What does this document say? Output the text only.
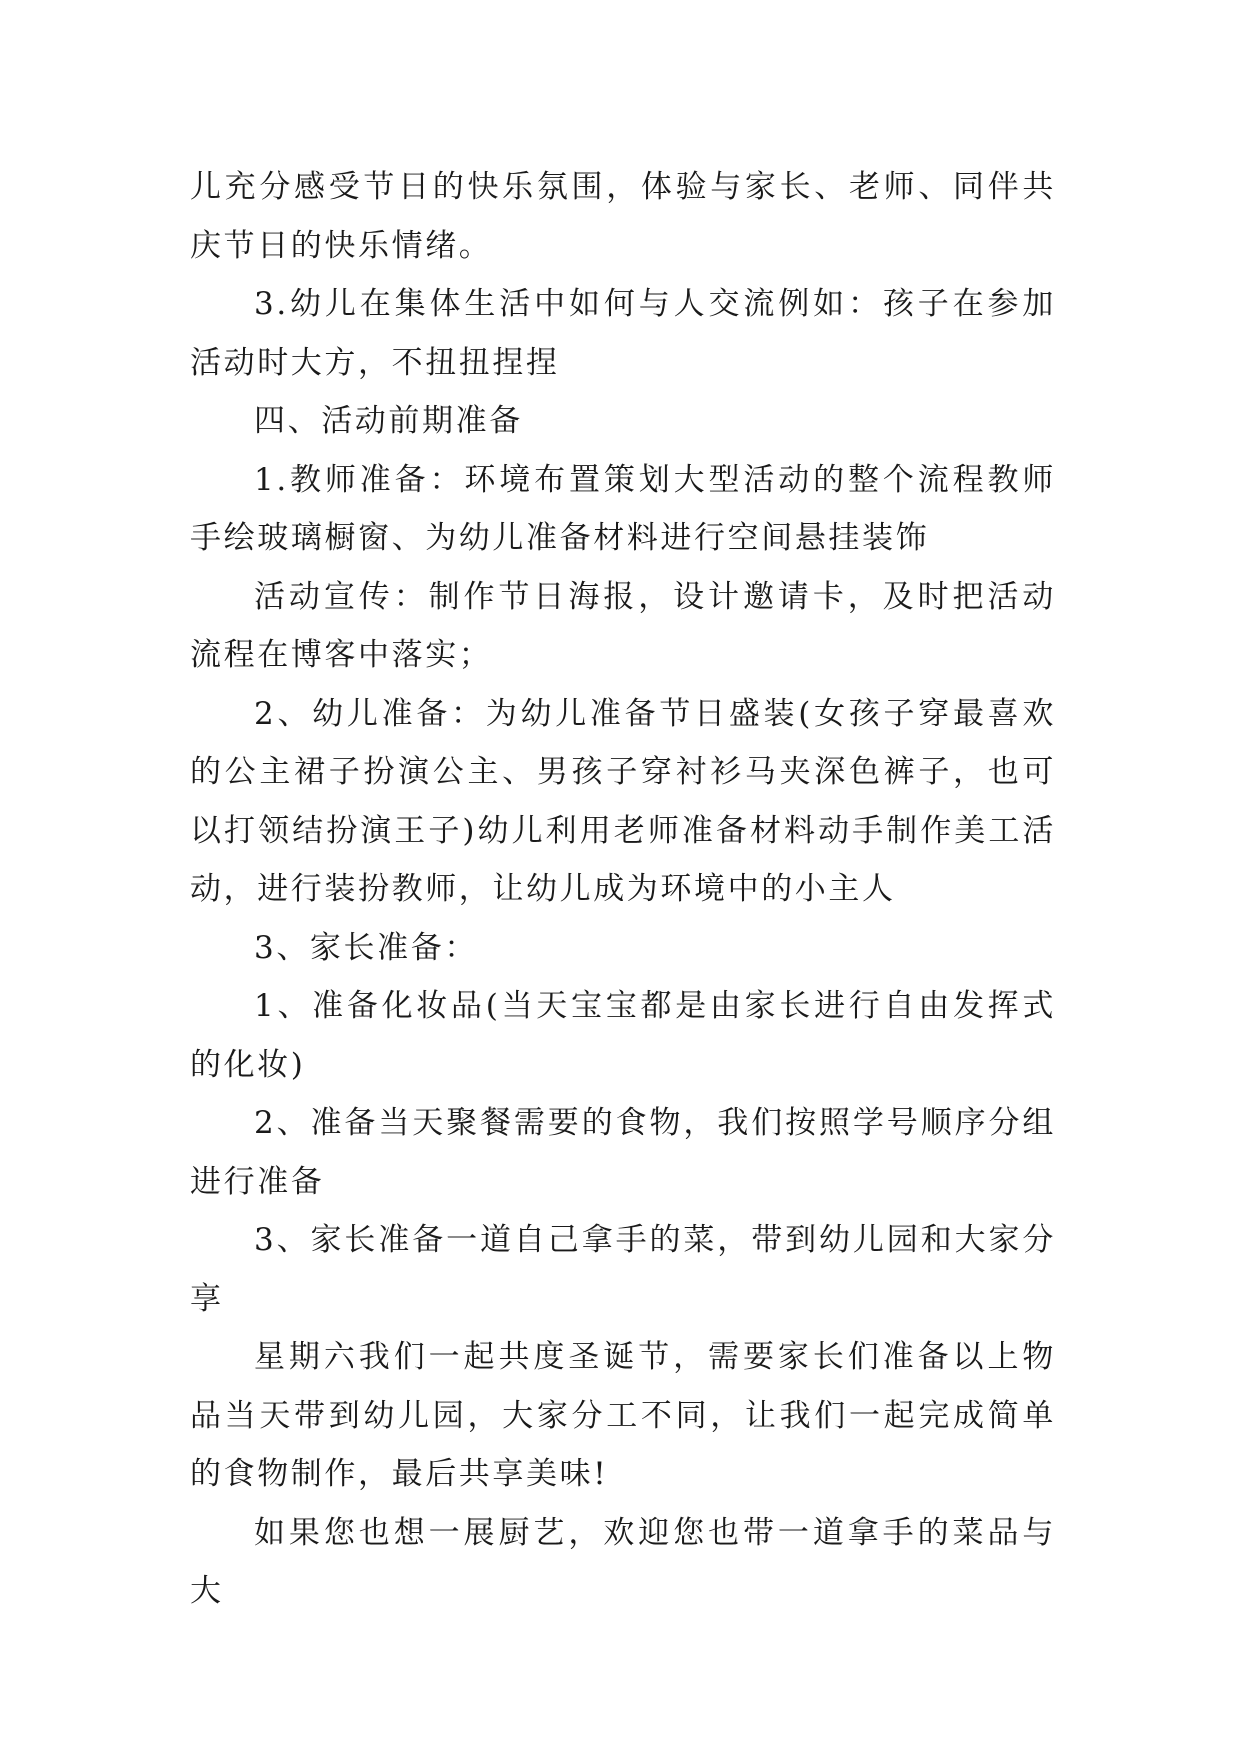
儿充分感受节日的快乐氛围，体验与家长、老师、同伴共庆节日的快乐情绪。

3.幼儿在集体生活中如何与人交流例如：孩子在参加活动时大方，不扭扭捏捏

四、活动前期准备

1.教师准备：环境布置策划大型活动的整个流程教师手绘玻璃橱窗、为幼儿准备材料进行空间悬挂装饰

活动宣传：制作节日海报，设计邀请卡，及时把活动流程在博客中落实；

2、幼儿准备：为幼儿准备节日盛装(女孩子穿最喜欢的公主裙子扮演公主、男孩子穿衬衫马夹深色裤子，也可以打领结扮演王子)幼儿利用老师准备材料动手制作美工活动，进行装扮教师，让幼儿成为环境中的小主人

3、家长准备：

1、准备化妆品(当天宝宝都是由家长进行自由发挥式的化妆)

2、准备当天聚餐需要的食物，我们按照学号顺序分组进行准备

3、家长准备一道自己拿手的菜，带到幼儿园和大家分享

星期六我们一起共度圣诞节，需要家长们准备以上物品当天带到幼儿园，大家分工不同，让我们一起完成简单的食物制作，最后共享美味!

如果您也想一展厨艺，欢迎您也带一道拿手的菜品与大
